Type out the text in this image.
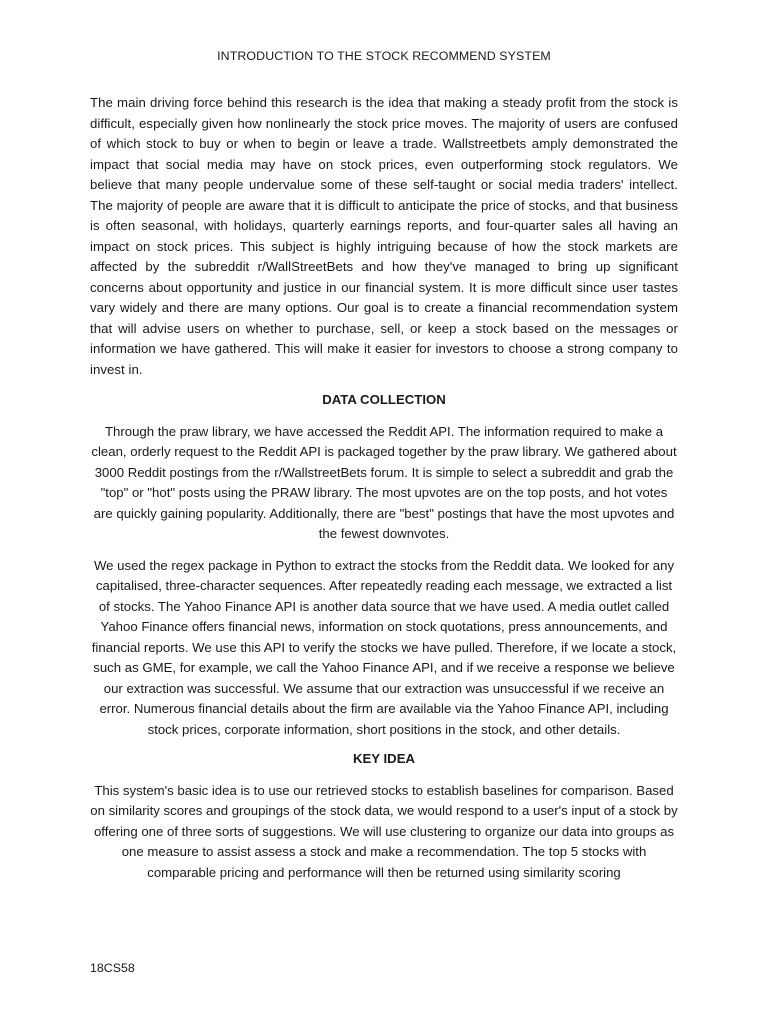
INTRODUCTION TO THE STOCK RECOMMEND SYSTEM

The main driving force behind this research is the idea that making a steady profit from the stock is difficult, especially given how nonlinearly the stock price moves. The majority of users are confused of which stock to buy or when to begin or leave a trade. Wallstreetbets amply demonstrated the impact that social media may have on stock prices, even outperforming stock regulators. We believe that many people undervalue some of these self-taught or social media traders' intellect. The majority of people are aware that it is difficult to anticipate the price of stocks, and that business is often seasonal, with holidays, quarterly earnings reports, and four-quarter sales all having an impact on stock prices. This subject is highly intriguing because of how the stock markets are affected by the subreddit r/WallStreetBets and how they've managed to bring up significant concerns about opportunity and justice in our financial system. It is more difficult since user tastes vary widely and there are many options. Our goal is to create a financial recommendation system that will advise users on whether to purchase, sell, or keep a stock based on the messages or information we have gathered. This will make it easier for investors to choose a strong company to invest in.

DATA COLLECTION

Through the praw library, we have accessed the Reddit API. The information required to make a clean, orderly request to the Reddit API is packaged together by the praw library. We gathered about 3000 Reddit postings from the r/WallstreetBets forum. It is simple to select a subreddit and grab the "top" or "hot" posts using the PRAW library. The most upvotes are on the top posts, and hot votes are quickly gaining popularity. Additionally, there are "best" postings that have the most upvotes and the fewest downvotes.

We used the regex package in Python to extract the stocks from the Reddit data. We looked for any capitalised, three-character sequences. After repeatedly reading each message, we extracted a list of stocks. The Yahoo Finance API is another data source that we have used. A media outlet called Yahoo Finance offers financial news, information on stock quotations, press announcements, and financial reports. We use this API to verify the stocks we have pulled. Therefore, if we locate a stock, such as GME, for example, we call the Yahoo Finance API, and if we receive a response we believe our extraction was successful. We assume that our extraction was unsuccessful if we receive an error. Numerous financial details about the firm are available via the Yahoo Finance API, including stock prices, corporate information, short positions in the stock, and other details.

KEY IDEA

This system's basic idea is to use our retrieved stocks to establish baselines for comparison. Based on similarity scores and groupings of the stock data, we would respond to a user's input of a stock by offering one of three sorts of suggestions. We will use clustering to organize our data into groups as one measure to assist assess a stock and make a recommendation. The top 5 stocks with comparable pricing and performance will then be returned using similarity scoring

18CS58
